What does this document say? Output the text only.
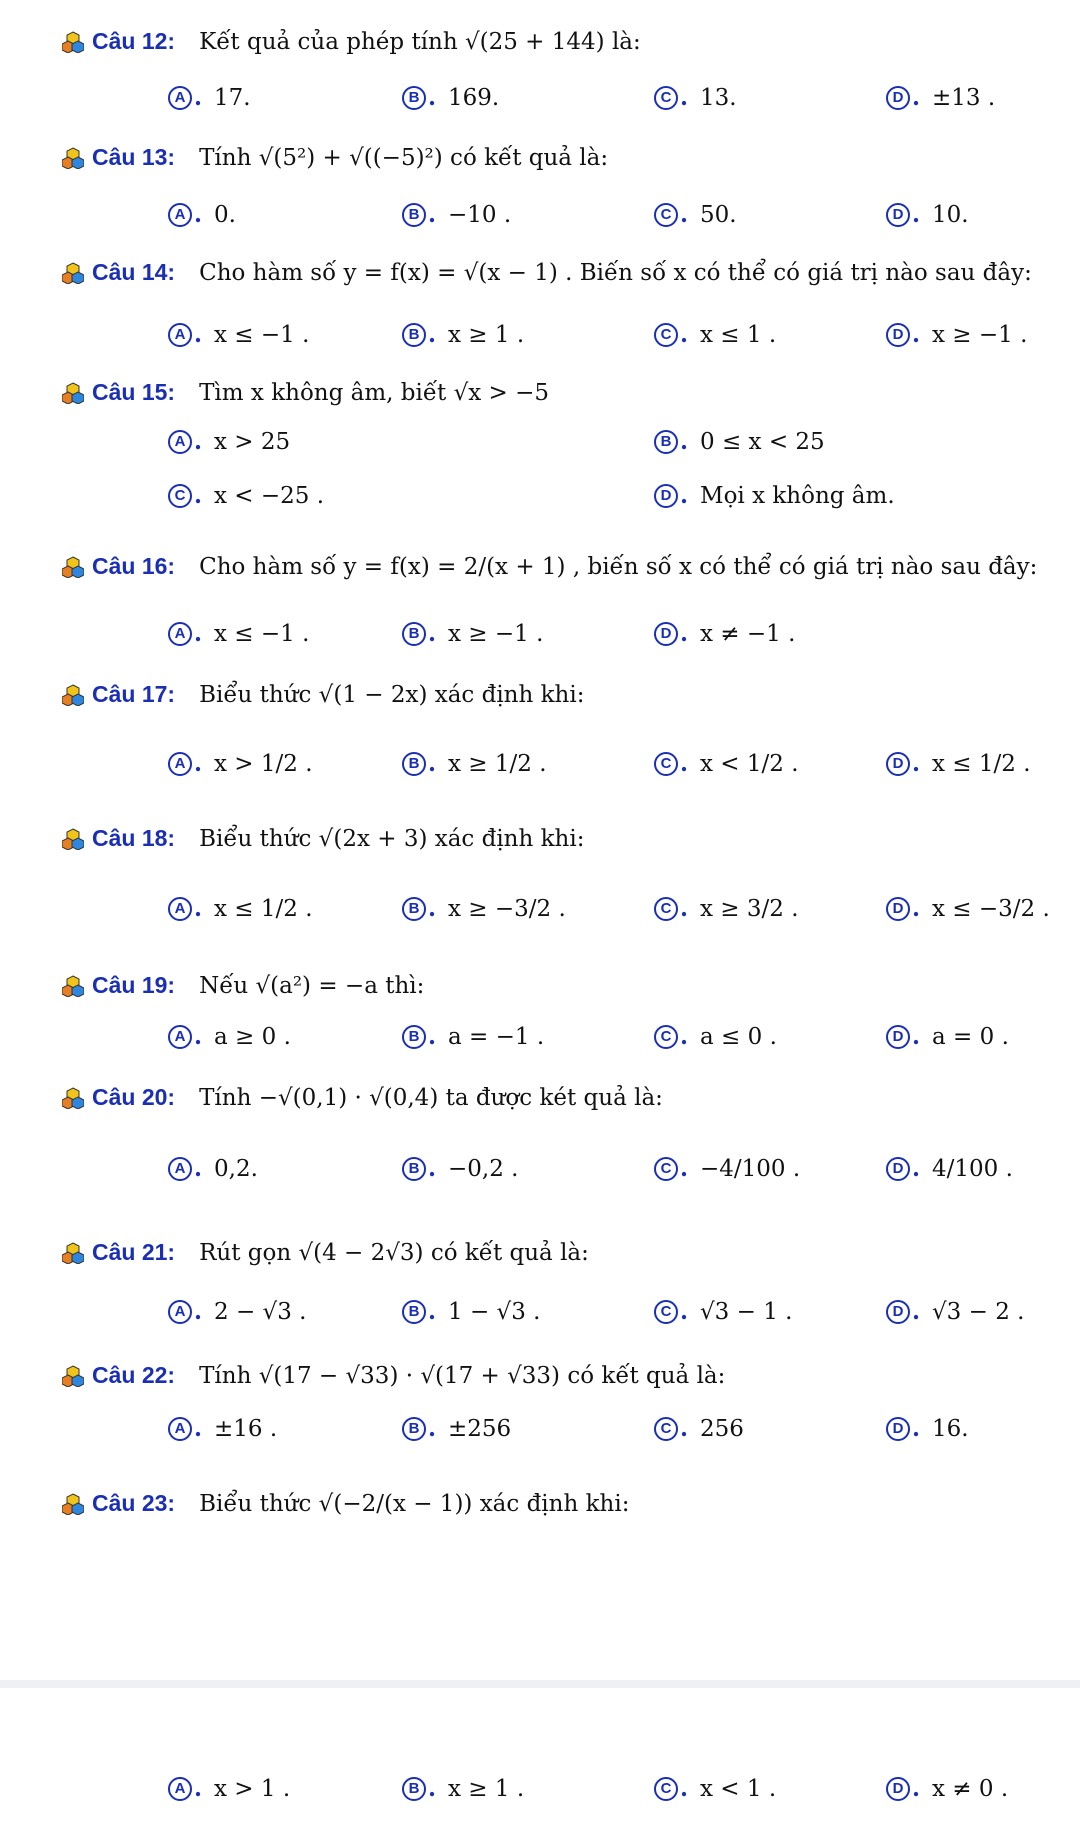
Câu 12: Kết quả của phép tính √(25 + 144) là:
A . 17.	B . 169.	C . 13.	D . ±13 .
Câu 13: Tính √(5²) + √((−5)²) có kết quả là:
A . 0.	B . −10 .	C . 50.	D . 10.
Câu 14: Cho hàm số y = f(x) = √(x − 1) . Biến số x có thể có giá trị nào sau đây:
A . x ≤ −1 .	B . x ≥ 1 .	C . x ≤ 1 .	D . x ≥ −1 .
Câu 15: Tìm x không âm, biết √x > −5
A . x > 25	B . 0 ≤ x < 25
C . x < −25 .	D . Mọi x không âm.
Câu 16: Cho hàm số y = f(x) = 2/(x + 1) , biến số x có thể có giá trị nào sau đây:
A . x ≤ −1 .	B . x ≥ −1 .	D . x ≠ −1 .
Câu 17: Biểu thức √(1 − 2x) xác định khi:
A . x > 1/2 .	B . x ≥ 1/2 .	C . x < 1/2 .	D . x ≤ 1/2 .
Câu 18: Biểu thức √(2x + 3) xác định khi:
A . x ≤ 1/2 .	B . x ≥ −3/2 .	C . x ≥ 3/2 .	D . x ≤ −3/2 .
Câu 19: Nếu √(a²) = −a thì:
A . a ≥ 0 .	B . a = −1 .	C . a ≤ 0 .	D . a = 0 .
Câu 20: Tính −√(0,1) · √(0,4) ta được két quả là:
A . 0,2.	B . −0,2 .	C . −4/100 .	D . 4/100 .
Câu 21: Rút gọn √(4 − 2√3) có kết quả là:
A . 2 − √3 .	B . 1 − √3 .	C . √3 − 1 .	D . √3 − 2 .
Câu 22: Tính √(17 − √33) · √(17 + √33) có kết quả là:
A . ±16 .	B . ±256	C . 256	D . 16.
Câu 23: Biểu thức √(−2/(x − 1)) xác định khi:
A . x > 1 .	B . x ≥ 1 .	C . x < 1 .	D . x ≠ 0 .
